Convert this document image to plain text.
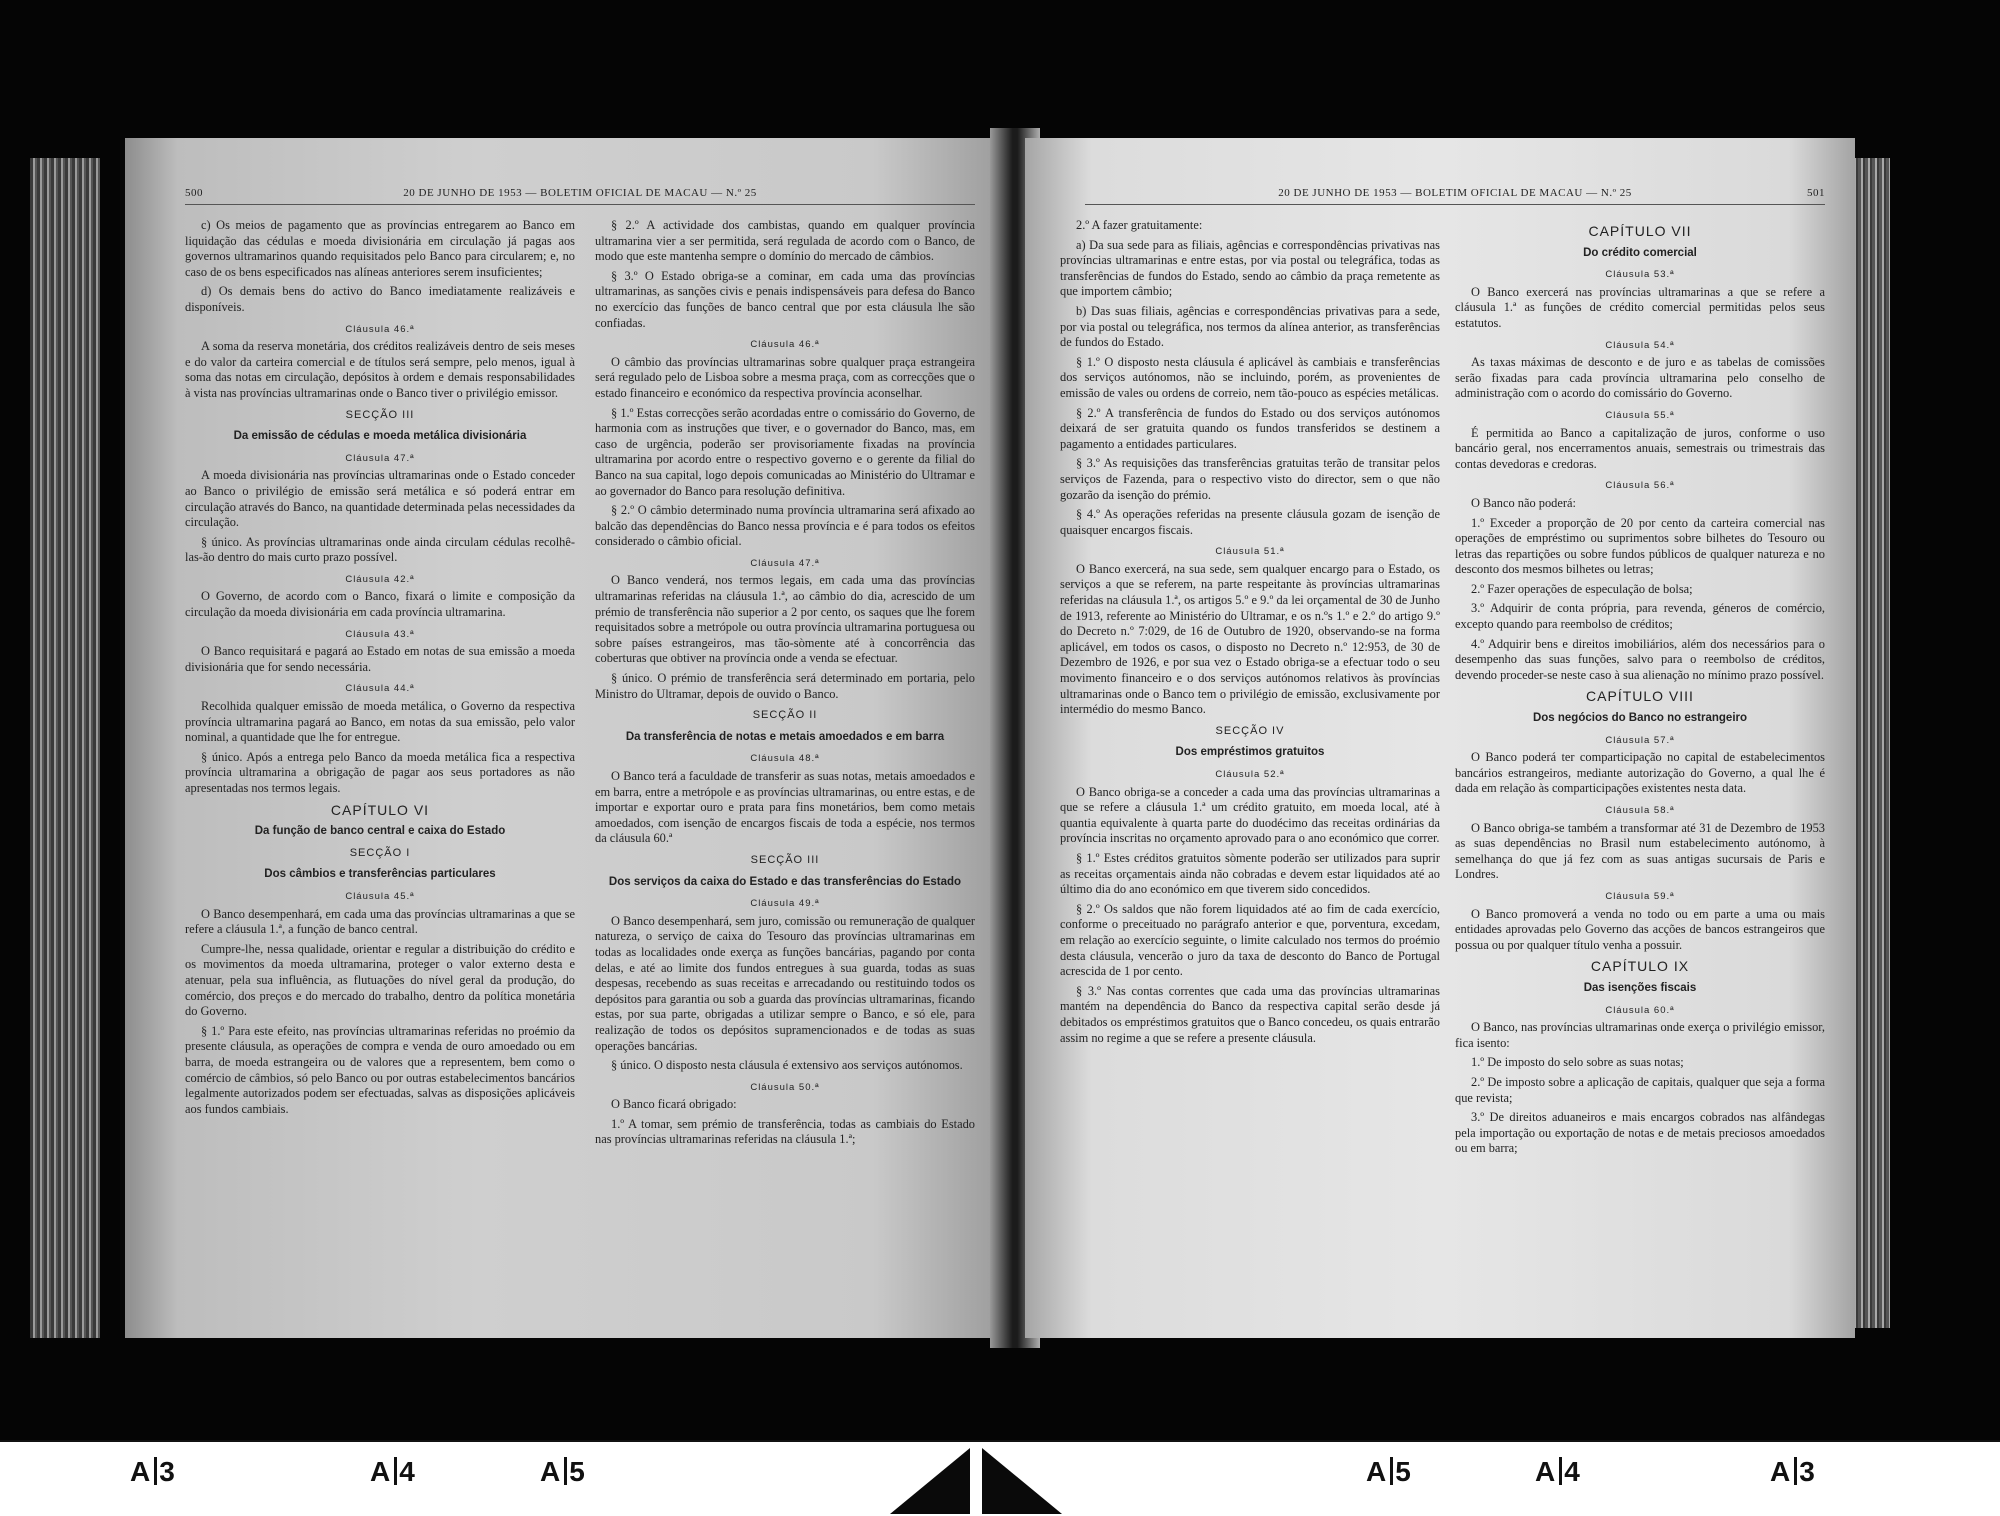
20 DE JUNHO DE 1953 — BOLETIM OFICIAL DE MACAU — N.º 25
500

c) Os meios de pagamento que as províncias entregarem ao Banco em liquidação das cédulas e moeda divisionária em circulação já pagas aos governos ultramarinos quando requisitados pelo Banco para circularem; e, no caso de os bens especificados nas alíneas anteriores serem insuficientes;

d) Os demais bens do activo do Banco imediatamente realizáveis e disponíveis.

Cláusula 46.ª

A soma da reserva monetária, dos créditos realizáveis dentro de seis meses e do valor da carteira comercial e de títulos será sempre, pelo menos, igual à soma das notas em circulação, depósitos à ordem e demais responsabilidades à vista nas províncias ultramarinas onde o Banco tiver o privilégio emissor.

SECÇÃO III

Da emissão de cédulas e moeda metálica divisionária

Cláusula 47.ª

A moeda divisionária nas províncias ultramarinas onde o Estado conceder ao Banco o privilégio de emissão será metálica e só poderá entrar em circulação através do Banco, na quantidade determinada pelas necessidades da circulação.

§ único. As províncias ultramarinas onde ainda circulam cédulas recolhê-las-ão dentro do mais curto prazo possível.

Cláusula 42.ª

O Governo, de acordo com o Banco, fixará o limite e composição da circulação da moeda divisionária em cada província ultramarina.

Cláusula 43.ª

O Banco requisitará e pagará ao Estado em notas de sua emissão a moeda divisionária que for sendo necessária.

Cláusula 44.ª

Recolhida qualquer emissão de moeda metálica, o Governo da respectiva província ultramarina pagará ao Banco, em notas da sua emissão, pelo valor nominal, a quantidade que lhe for entregue.

§ único. Após a entrega pelo Banco da moeda metálica fica a respectiva província ultramarina a obrigação de pagar aos seus portadores as não apresentadas nos termos legais.

CAPÍTULO VI

Da função de banco central e caixa do Estado

SECÇÃO I

Dos câmbios e transferências particulares

Cláusula 45.ª

O Banco desempenhará, em cada uma das províncias ultramarinas a que se refere a cláusula 1.ª, a função de banco central.

Cumpre-lhe, nessa qualidade, orientar e regular a distribuição do crédito e os movimentos da moeda ultramarina, proteger o valor externo desta e atenuar, pela sua influência, as flutuações do nível geral da produção, do comércio, dos preços e do mercado do trabalho, dentro da política monetária do Governo.

§ 1.º Para este efeito, nas províncias ultramarinas referidas no proémio da presente cláusula, as operações de compra e venda de ouro amoedado ou em barra, de moeda estrangeira ou de valores que a representem, bem como o comércio de câmbios, só pelo Banco ou por outras estabelecimentos bancários legalmente autorizados podem ser efectuadas, salvas as disposições aplicáveis aos fundos cambiais.

§ 2.º A actividade dos cambistas, quando em qualquer província ultramarina vier a ser permitida, será regulada de acordo com o Banco, de modo que este mantenha sempre o domínio do mercado de câmbios.

§ 3.º O Estado obriga-se a cominar, em cada uma das províncias ultramarinas, as sanções civis e penais indispensáveis para defesa do Banco no exercício das funções de banco central que por esta cláusula lhe são confiadas.

Cláusula 46.ª

O câmbio das províncias ultramarinas sobre qualquer praça estrangeira será regulado pelo de Lisboa sobre a mesma praça, com as correcções que o estado financeiro e económico da respectiva província aconselhar.

§ 1.º Estas correcções serão acordadas entre o comissário do Governo, de harmonia com as instruções que tiver, e o governador do Banco, mas, em caso de urgência, poderão ser provisoriamente fixadas na província ultramarina por acordo entre o respectivo governo e o gerente da filial do Banco na sua capital, logo depois comunicadas ao Ministério do Ultramar e ao governador do Banco para resolução definitiva.

§ 2.º O câmbio determinado numa província ultramarina será afixado ao balcão das dependências do Banco nessa província e é para todos os efeitos considerado o câmbio oficial.

Cláusula 47.ª

O Banco venderá, nos termos legais, em cada uma das províncias ultramarinas referidas na cláusula 1.ª, ao câmbio do dia, acrescido de um prémio de transferência não superior a 2 por cento, os saques que lhe forem requisitados sobre a metrópole ou outra província ultramarina portuguesa ou sobre países estrangeiros, mas tão-sòmente até à concorrência das coberturas que obtiver na província onde a venda se efectuar.

§ único. O prémio de transferência será determinado em portaria, pelo Ministro do Ultramar, depois de ouvido o Banco.

SECÇÃO II

Da transferência de notas e metais amoedados e em barra

Cláusula 48.ª

O Banco terá a faculdade de transferir as suas notas, metais amoedados e em barra, entre a metrópole e as províncias ultramarinas, ou entre estas, e de importar e exportar ouro e prata para fins monetários, bem como metais amoedados, com isenção de encargos fiscais de toda a espécie, nos termos da cláusula 60.ª

SECÇÃO III

Dos serviços da caixa do Estado e das transferências do Estado

Cláusula 49.ª

O Banco desempenhará, sem juro, comissão ou remuneração de qualquer natureza, o serviço de caixa do Tesouro das províncias ultramarinas em todas as localidades onde exerça as funções bancárias, pagando por conta delas, e até ao limite dos fundos entregues à sua guarda, todas as suas despesas, recebendo as suas receitas e arrecadando ou restituindo todos os depósitos para garantia ou sob a guarda das províncias ultramarinas, ficando estas, por sua parte, obrigadas a utilizar sempre o Banco, e só ele, para realização de todos os depósitos supramencionados e de todas as suas operações bancárias.

§ único. O disposto nesta cláusula é extensivo aos serviços autónomos.

Cláusula 50.ª

O Banco ficará obrigado:

1.º A tomar, sem prémio de transferência, todas as cambiais do Estado nas províncias ultramarinas referidas na cláusula 1.ª;

20 DE JUNHO DE 1953 — BOLETIM OFICIAL DE MACAU — N.º 25	501

2.º A fazer gratuitamente:

a) Da sua sede para as filiais, agências e correspondências privativas nas províncias ultramarinas e entre estas, por via postal ou telegráfica, todas as transferências de fundos do Estado, sendo ao câmbio da praça remetente as que importem câmbio;

b) Das suas filiais, agências e correspondências privativas para a sede, por via postal ou telegráfica, nos termos da alínea anterior, as transferências de fundos do Estado.

§ 1.º O disposto nesta cláusula é aplicável às cambiais e transferências dos serviços autónomos, não se incluindo, porém, as provenientes de emissão de vales ou ordens de correio, nem tão-pouco as espécies metálicas.

§ 2.º A transferência de fundos do Estado ou dos serviços autónomos deixará de ser gratuita quando os fundos transferidos se destinem a pagamento a entidades particulares.

§ 3.º As requisições das transferências gratuitas terão de transitar pelos serviços de Fazenda, para o respectivo visto do director, sem o que não gozarão da isenção do prémio.

§ 4.º As operações referidas na presente cláusula gozam de isenção de quaisquer encargos fiscais.

Cláusula 51.ª

O Banco exercerá, na sua sede, sem qualquer encargo para o Estado, os serviços a que se referem, na parte respeitante às províncias ultramarinas referidas na cláusula 1.ª, os artigos 5.º e 9.º da lei orçamental de 30 de Junho de 1913, referente ao Ministério do Ultramar, e os n.ºs 1.º e 2.º do artigo 9.º do Decreto n.º 7:029, de 16 de Outubro de 1920, observando-se na forma aplicável, em todos os casos, o disposto no Decreto n.º 12:953, de 30 de Dezembro de 1926, e por sua vez o Estado obriga-se a efectuar todo o seu movimento financeiro e o dos serviços autónomos relativos às províncias ultramarinas onde o Banco tem o privilégio de emissão, exclusivamente por intermédio do mesmo Banco.

SECÇÃO IV

Dos empréstimos gratuitos

Cláusula 52.ª

O Banco obriga-se a conceder a cada uma das províncias ultramarinas a que se refere a cláusula 1.ª um crédito gratuito, em moeda local, até à quantia equivalente à quarta parte do duodécimo das receitas ordinárias da província inscritas no orçamento aprovado para o ano económico que correr.

§ 1.º Estes créditos gratuitos sòmente poderão ser utilizados para suprir as receitas orçamentais ainda não cobradas e devem estar liquidados até ao último dia do ano económico em que tiverem sido concedidos.

§ 2.º Os saldos que não forem liquidados até ao fim de cada exercício, conforme o preceituado no parágrafo anterior e que, porventura, excedam, em relação ao exercício seguinte, o limite calculado nos termos do proémio desta cláusula, vencerão o juro da taxa de desconto do Banco de Portugal acrescida de 1 por cento.

§ 3.º Nas contas correntes que cada uma das províncias ultramarinas mantém na dependência do Banco da respectiva capital serão desde já debitados os empréstimos gratuitos que o Banco concedeu, os quais entrarão assim no regime a que se refere a presente cláusula.

CAPÍTULO VII

Do crédito comercial

Cláusula 53.ª

O Banco exercerá nas províncias ultramarinas a que se refere a cláusula 1.ª as funções de crédito comercial permitidas pelos seus estatutos.

Cláusula 54.ª

As taxas máximas de desconto e de juro e as tabelas de comissões serão fixadas para cada província ultramarina pelo conselho de administração com o acordo do comissário do Governo.

Cláusula 55.ª

É permitida ao Banco a capitalização de juros, conforme o uso bancário geral, nos encerramentos anuais, semestrais ou trimestrais das contas devedoras e credoras.

Cláusula 56.ª

O Banco não poderá:

1.º Exceder a proporção de 20 por cento da carteira comercial nas operações de empréstimo ou suprimentos sobre bilhetes do Tesouro ou letras das repartições ou sobre fundos públicos de qualquer natureza e no desconto dos mesmos bilhetes ou letras;

2.º Fazer operações de especulação de bolsa;

3.º Adquirir de conta própria, para revenda, géneros de comércio, excepto quando para reembolso de créditos;

4.º Adquirir bens e direitos imobiliários, além dos necessários para o desempenho das suas funções, salvo para o reembolso de créditos, devendo proceder-se neste caso à sua alienação no mínimo prazo possível.

CAPÍTULO VIII

Dos negócios do Banco no estrangeiro

Cláusula 57.ª

O Banco poderá ter comparticipação no capital de estabelecimentos bancários estrangeiros, mediante autorização do Governo, a qual lhe é dada em relação às comparticipações existentes nesta data.

Cláusula 58.ª

O Banco obriga-se também a transformar até 31 de Dezembro de 1953 as suas dependências no Brasil num estabelecimento autónomo, à semelhança do que já fez com as suas antigas sucursais de Paris e Londres.

Cláusula 59.ª

O Banco promoverá a venda no todo ou em parte a uma ou mais entidades aprovadas pelo Governo das acções de bancos estrangeiros que possua ou por qualquer título venha a possuir.

CAPÍTULO IX

Das isenções fiscais

Cláusula 60.ª

O Banco, nas províncias ultramarinas onde exerça o privilégio emissor, fica isento:

1.º De imposto do selo sobre as suas notas;

2.º De imposto sobre a aplicação de capitais, qualquer que seja a forma que revista;

3.º De direitos aduaneiros e mais encargos cobrados nas alfândegas pela importação ou exportação de notas e de metais preciosos amoedados ou em barra;

A 3	A 4	A 5	A 5	A 4	A 3
